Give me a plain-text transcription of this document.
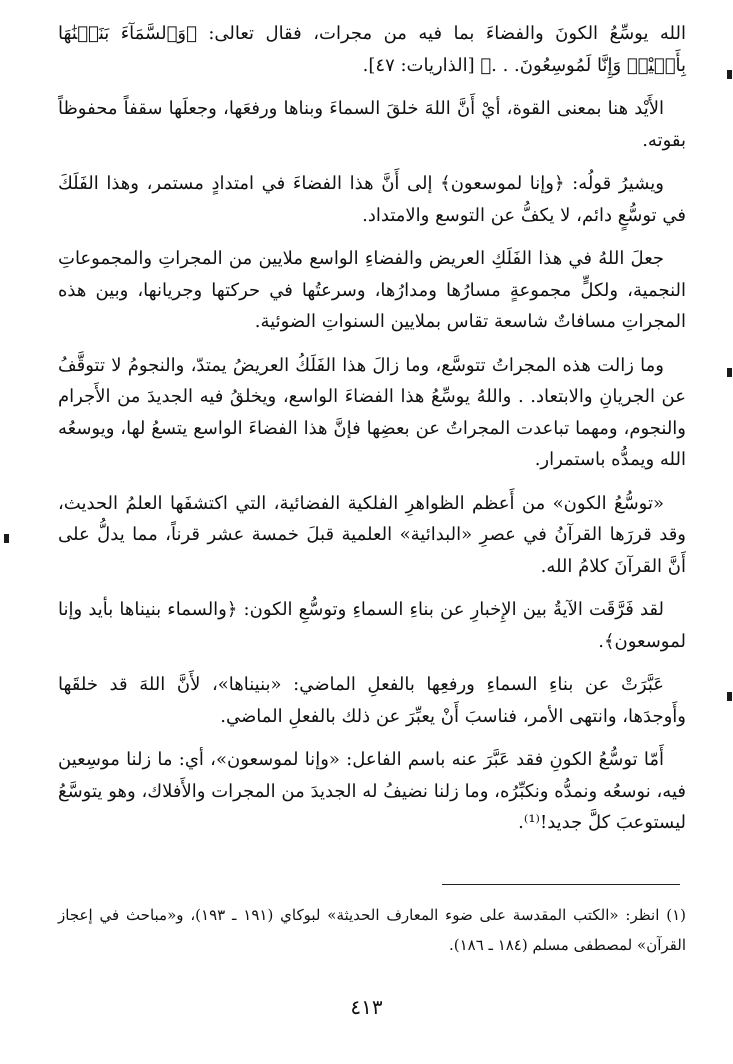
الله يوسِّعُ الكونَ والفضاءَ بما فيه من مجرات، فقال تعالى: ﴿وَٱلسَّمَآءَ بَنَيۡنَٰهَا بِأَيۡيْدٖ وَإِنَّا لَمُوسِعُونَ. . .﴾ [الذاريات: ٤٧].

الأَيْد هنا بمعنى القوة، أيْ أَنَّ اللهَ خلقَ السماءَ وبناها ورفعَها، وجعلَها سقفاً محفوظاً بقوته.

ويشيرُ قولُه: ﴿وإنا لموسعون﴾ إلى أَنَّ هذا الفضاءَ في امتدادٍ مستمر، وهذا الفَلَكَ في توسُّعٍ دائم، لا يكفُّ عن التوسع والامتداد.

جعلَ اللهُ في هذا الفَلَكِ العريض والفضاءِ الواسع ملايين من المجراتِ والمجموعاتِ النجمية، ولكلٍّ مجموعةٍ مسارُها ومدارُها، وسرعتُها في حركتها وجريانها، وبين هذه المجراتِ مسافاتٌ شاسعة تقاس بملايين السنواتِ الضوئية.

وما زالت هذه المجراتُ تتوسَّع، وما زالَ هذا الفَلَكُ العريضُ يمتدّ، والنجومُ لا تتوقَّفُ عن الجريانِ والابتعاد. . واللهُ يوسِّعُ هذا الفضاءَ الواسع، ويخلقُ فيه الجديدَ من الأَجرام والنجوم، ومهما تباعدت المجراتُ عن بعضِها فإنَّ هذا الفضاءَ الواسع يتسعُ لها، ويوسعُه الله ويمدُّه باستمرار.

«توسُّعُ الكون» من أَعظم الظواهرِ الفلكية الفضائية، التي اكتشفَها العلمُ الحديث، وقد قررَها القرآنُ في عصرِ «البدائية» العلمية قبلَ خمسة عشر قرناً، مما يدلُّ على أَنَّ القرآنَ كلامُ الله.

لقد فَرَّقَت الآيةُ بين الإِخبارِ عن بناءِ السماءِ وتوسُّعِ الكون: ﴿والسماء بنيناها بأيد وإنا لموسعون﴾.

عَبَّرَتْ عن بناءِ السماءِ ورفعِها بالفعلِ الماضي: «بنيناها»، لأَنَّ اللهَ قد خلقَها وأَوجدَها، وانتهى الأمر، فناسبَ أَنْ يعبِّرَ عن ذلك بالفعلِ الماضي.

أَمّا توسُّعُ الكونِ فقد عَبَّرَ عنه باسم الفاعل: «وإنا لموسعون»، أي: ما زلنا موسِعين فيه، نوسعُه ونمدُّه ونكبِّرُه، وما زلنا نضيفُ له الجديدَ من المجرات والأَفلاك، وهو يتوسَّعُ ليستوعبَ كلَّ جديد!⁽¹⁾.

(١) انظر: «الكتب المقدسة على ضوء المعارف الحديثة» لبوكاي (١٩١ ـ ١٩٣)، و«مباحث في إعجاز القرآن» لمصطفى مسلم (١٨٤ ـ ١٨٦).
٤١٣
